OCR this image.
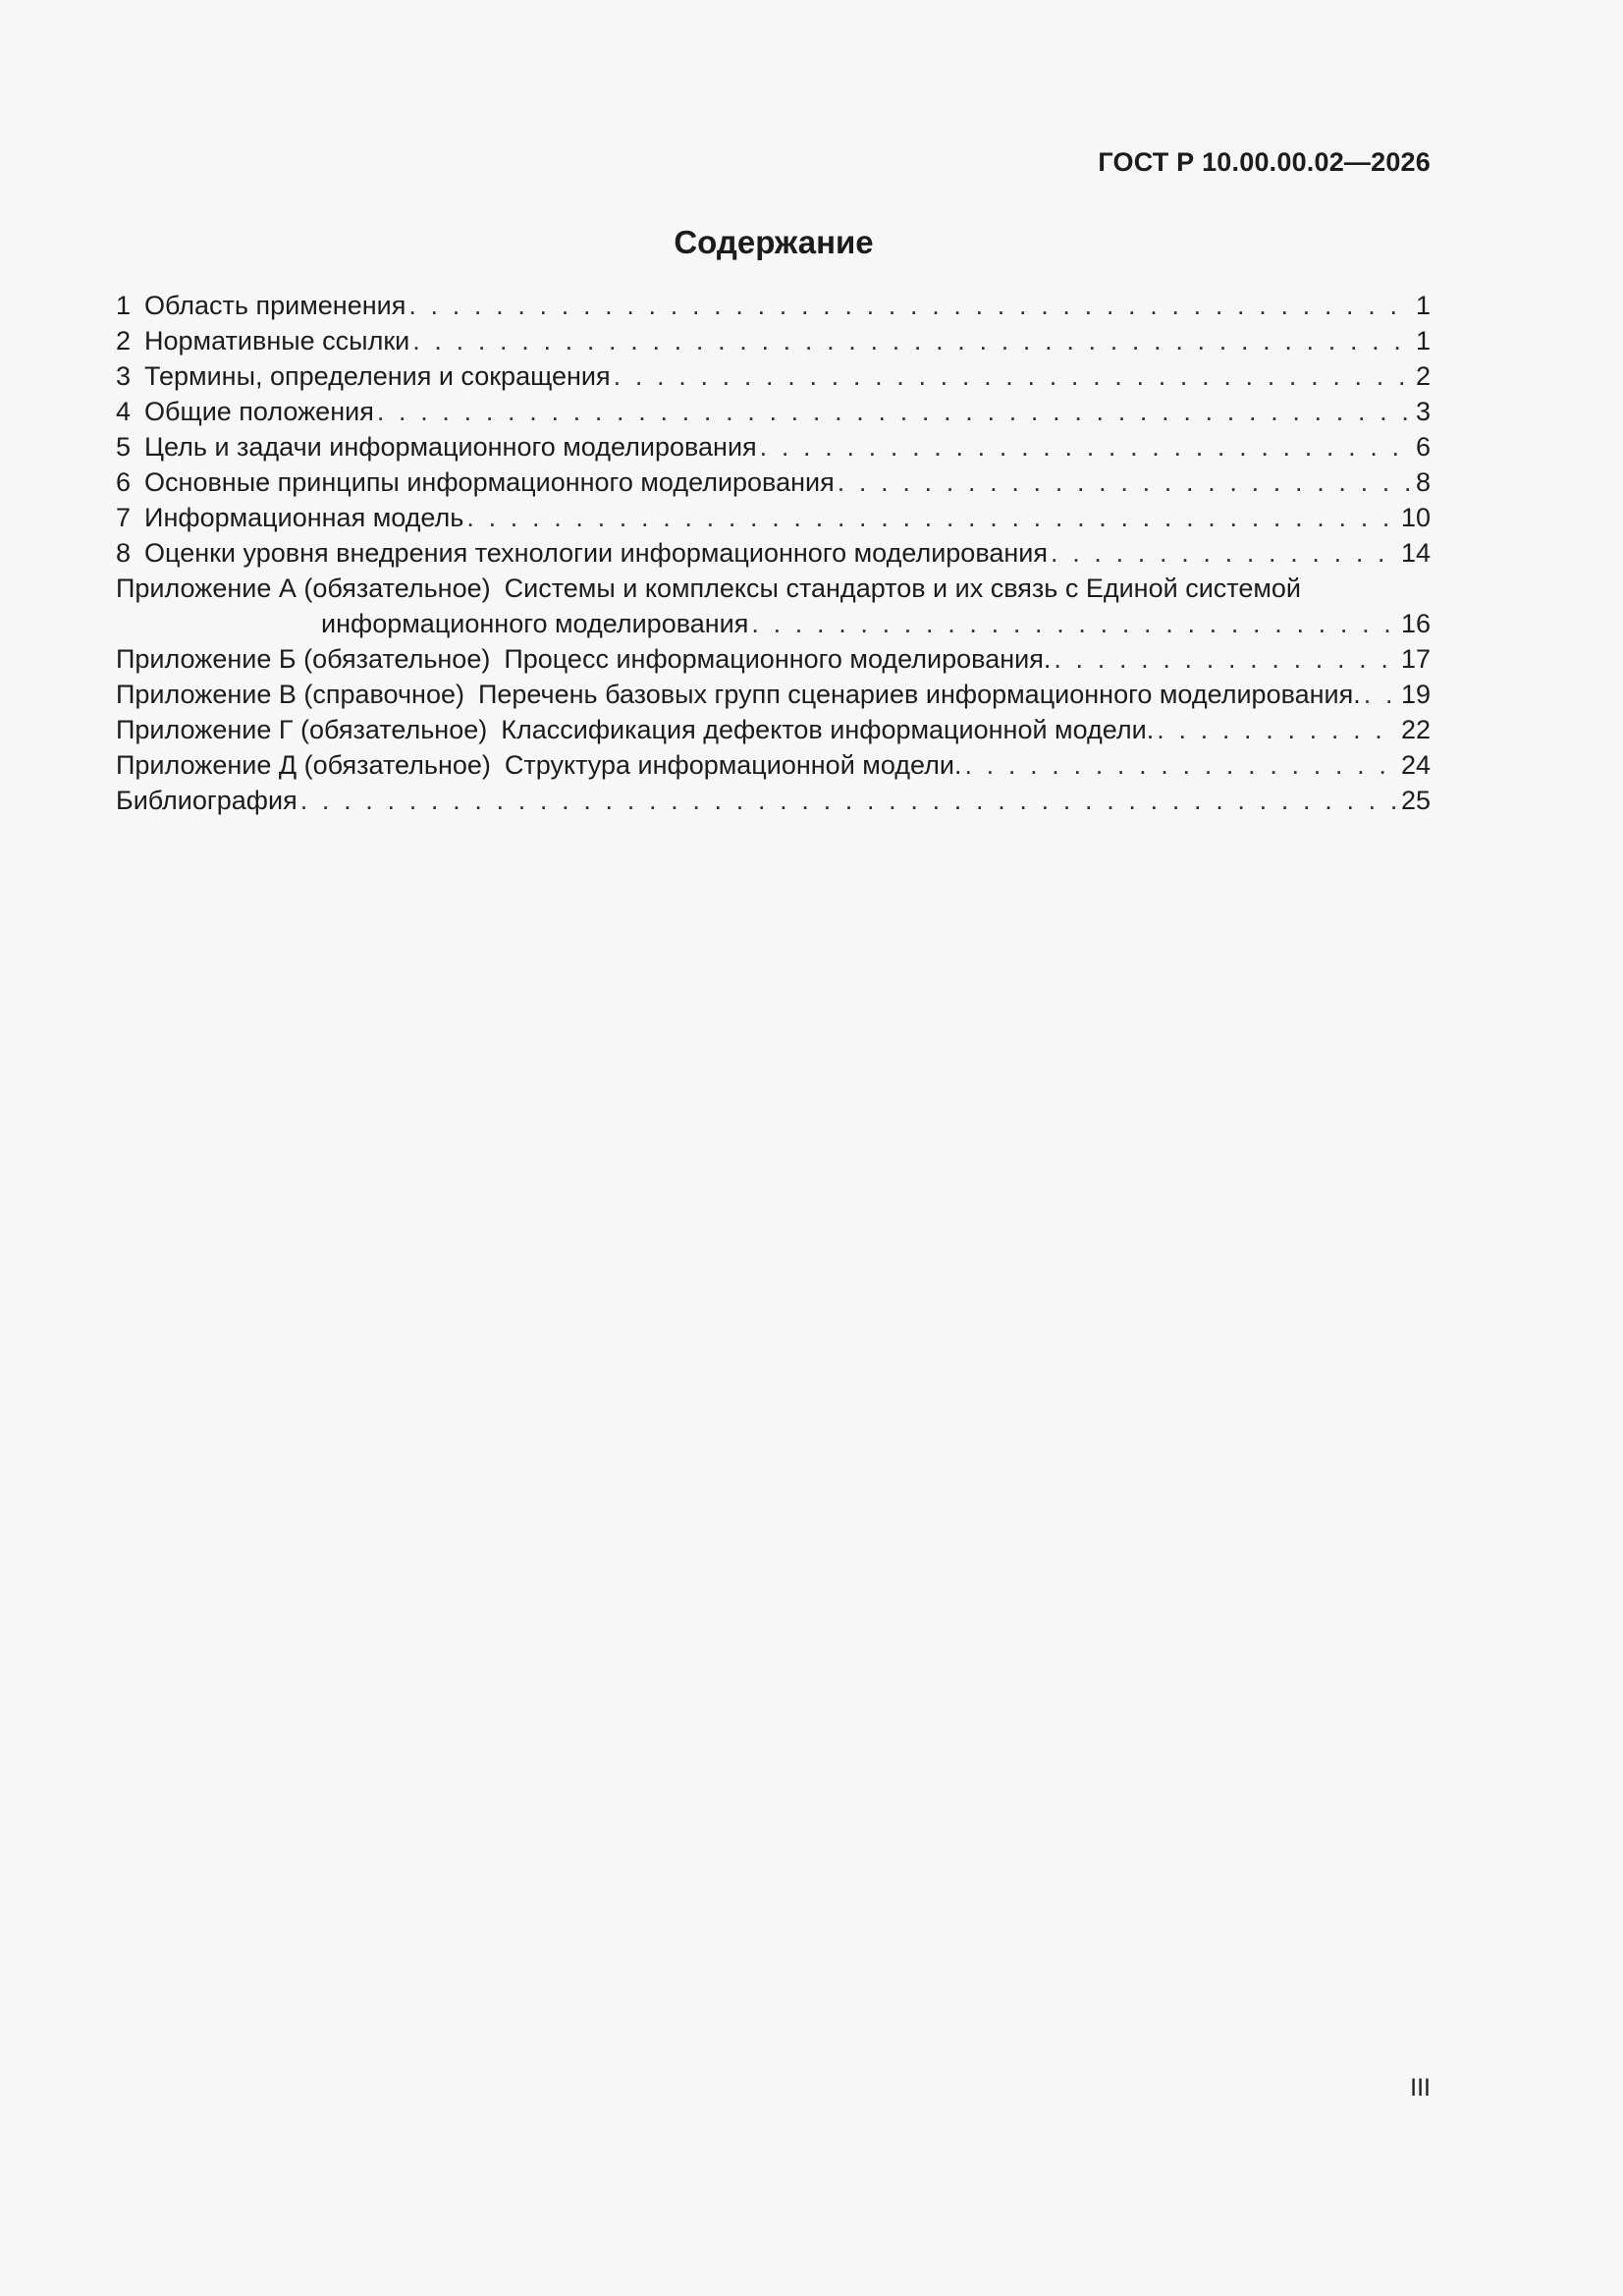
ГОСТ Р 10.00.00.02—2026
Содержание
1 Область применения . . .	1
2 Нормативные ссылки . . .	1
3 Термины, определения и сокращения . . .	2
4 Общие положения . . .	3
5 Цель и задачи информационного моделирования . . .	6
6 Основные принципы информационного моделирования . . .	8
7 Информационная модель . . .	10
8 Оценки уровня внедрения технологии информационного моделирования . . .	14
Приложение А (обязательное) Системы и комплексы стандартов и их связь с Единой системой
информационного моделирования . . .	16
Приложение Б (обязательное) Процесс информационного моделирования. . . .	17
Приложение В (справочное) Перечень базовых групп сценариев информационного моделирования. . . . 19
Приложение Г (обязательное) Классификация дефектов информационной модели. . . .	22
Приложение Д (обязательное) Структура информационной модели. . . .	24
Библиография . . .	25
III
